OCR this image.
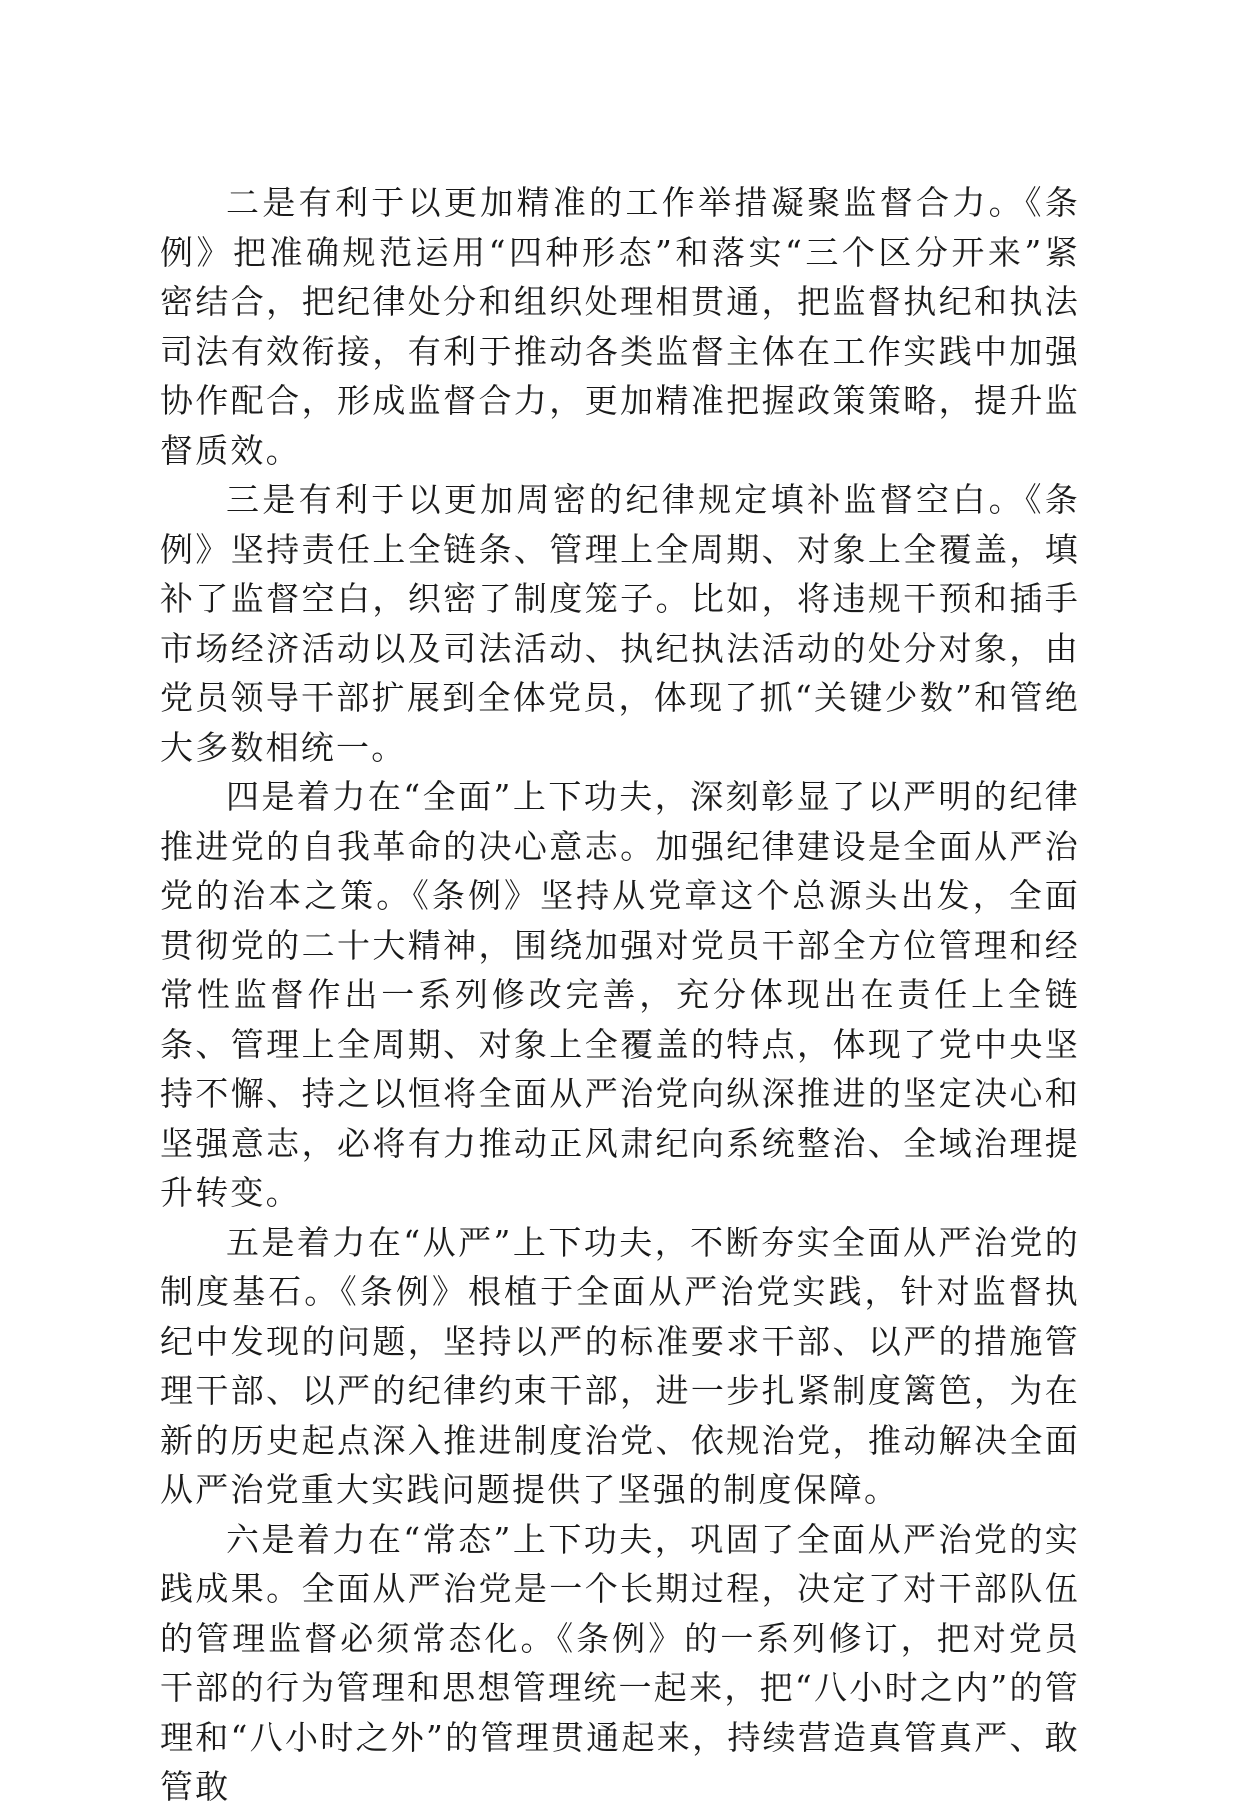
二是有利于以更加精准的工作举措凝聚监督合力。《条例》把准确规范运用“四种形态”和落实“三个区分开来”紧密结合，把纪律处分和组织处理相贯通，把监督执纪和执法司法有效衔接，有利于推动各类监督主体在工作实践中加强协作配合，形成监督合力，更加精准把握政策策略，提升监督质效。

三是有利于以更加周密的纪律规定填补监督空白。《条例》坚持责任上全链条、管理上全周期、对象上全覆盖，填补了监督空白，织密了制度笼子。比如，将违规干预和插手市场经济活动以及司法活动、执纪执法活动的处分对象，由党员领导干部扩展到全体党员，体现了抓“关键少数”和管绝大多数相统一。

四是着力在“全面”上下功夫，深刻彰显了以严明的纪律推进党的自我革命的决心意志。加强纪律建设是全面从严治党的治本之策。《条例》坚持从党章这个总源头出发，全面贯彻党的二十大精神，围绕加强对党员干部全方位管理和经常性监督作出一系列修改完善，充分体现出在责任上全链条、管理上全周期、对象上全覆盖的特点，体现了党中央坚持不懈、持之以恒将全面从严治党向纵深推进的坚定决心和坚强意志，必将有力推动正风肃纪向系统整治、全域治理提升转变。

五是着力在“从严”上下功夫，不断夯实全面从严治党的制度基石。《条例》根植于全面从严治党实践，针对监督执纪中发现的问题，坚持以严的标准要求干部、以严的措施管理干部、以严的纪律约束干部，进一步扎紧制度篱笆，为在新的历史起点深入推进制度治党、依规治党，推动解决全面从严治党重大实践问题提供了坚强的制度保障。

六是着力在“常态”上下功夫，巩固了全面从严治党的实践成果。全面从严治党是一个长期过程，决定了对干部队伍的管理监督必须常态化。《条例》的一系列修订，把对党员干部的行为管理和思想管理统一起来，把“八小时之内”的管理和“八小时之外”的管理贯通起来，持续营造真管真严、敢管敢
